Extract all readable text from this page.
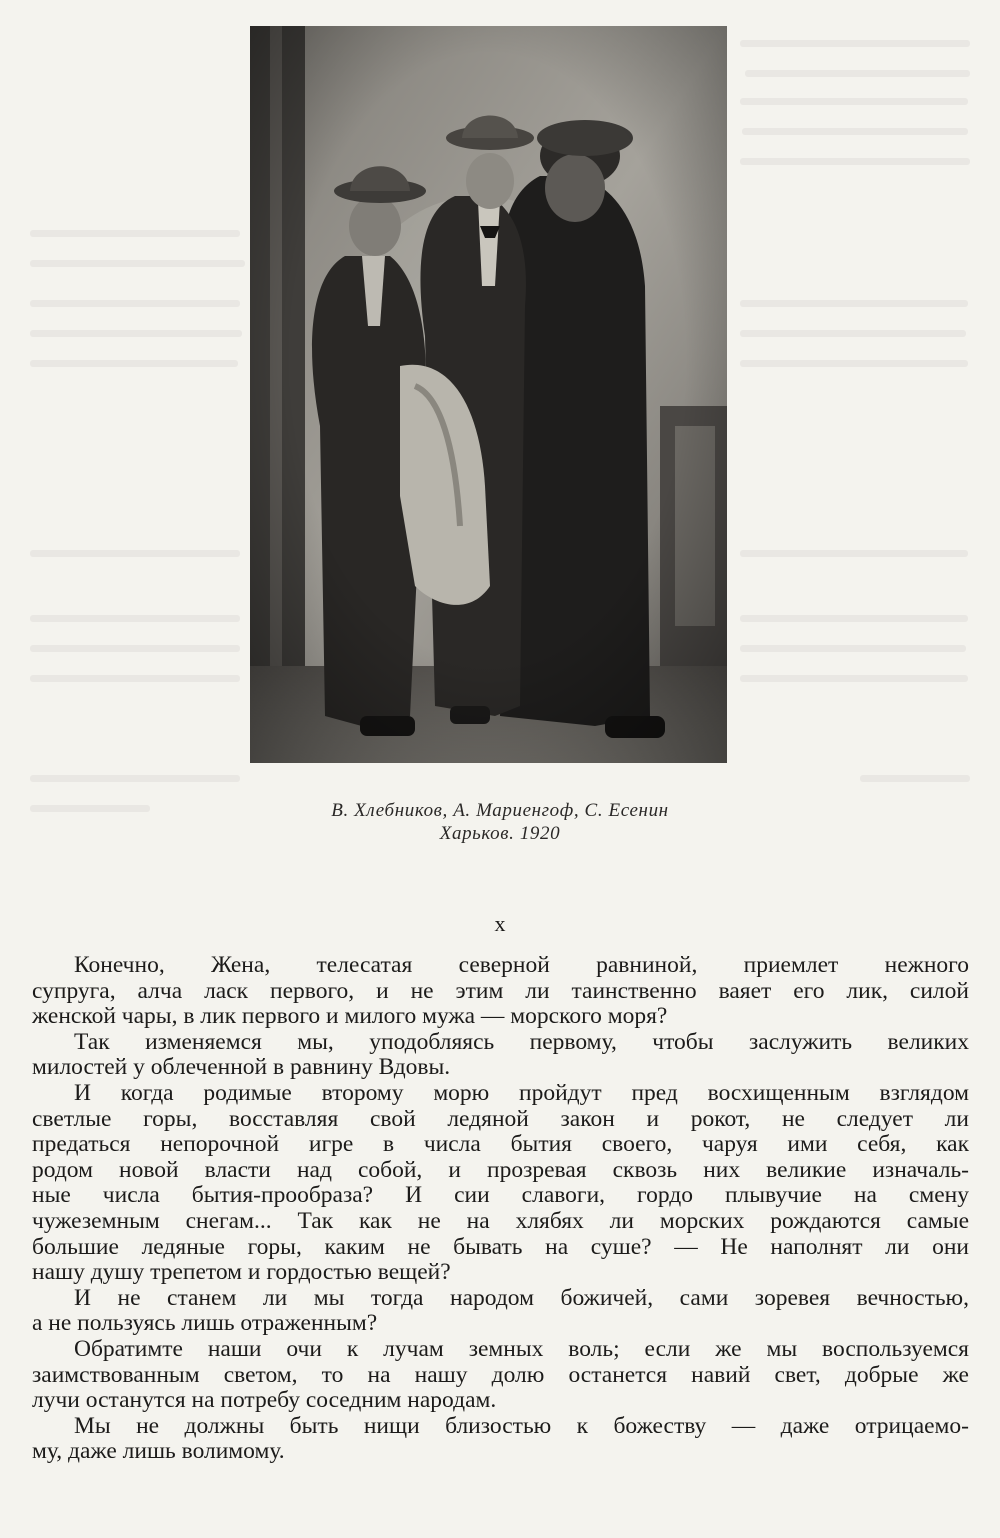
В. Хлебников, А. Мариенгоф, С. Есенин
Харьков. 1920
x
Конечно, Жена, телесатая северной равниной, приемлет нежного
супруга, алча ласк первого, и не этим ли таинственно ваяет его лик, силой
женской чары, в лик первого и милого мужа — морского моря?
Так изменяемся мы, уподобляясь первому, чтобы заслужить великих
милостей у облеченной в равнину Вдовы.
И когда родимые второму морю пройдут пред восхищенным взглядом
светлые горы, восставляя свой ледяной закон и рокот, не следует ли
предаться непорочной игре в числа бытия своего, чаруя ими себя, как
родом новой власти над собой, и прозревая сквозь них великие изначаль-
ные числа бытия-прообраза? И сии славоги, гордо плывучие на смену
чужеземным снегам... Так как не на хлябях ли морских рождаются самые
большие ледяные горы, каким не бывать на суше? — Не наполнят ли они
нашу душу трепетом и гордостью вещей?
И не станем ли мы тогда народом божичей, сами зоревея вечностью,
а не пользуясь лишь отраженным?
Обратимте наши очи к лучам земных воль; если же мы воспользуемся
заимствованным светом, то на нашу долю останется навий свет, добрые же
лучи останутся на потребу соседним народам.
Мы не должны быть нищи близостью к божеству — даже отрицаемо-
му, даже лишь волимому.
